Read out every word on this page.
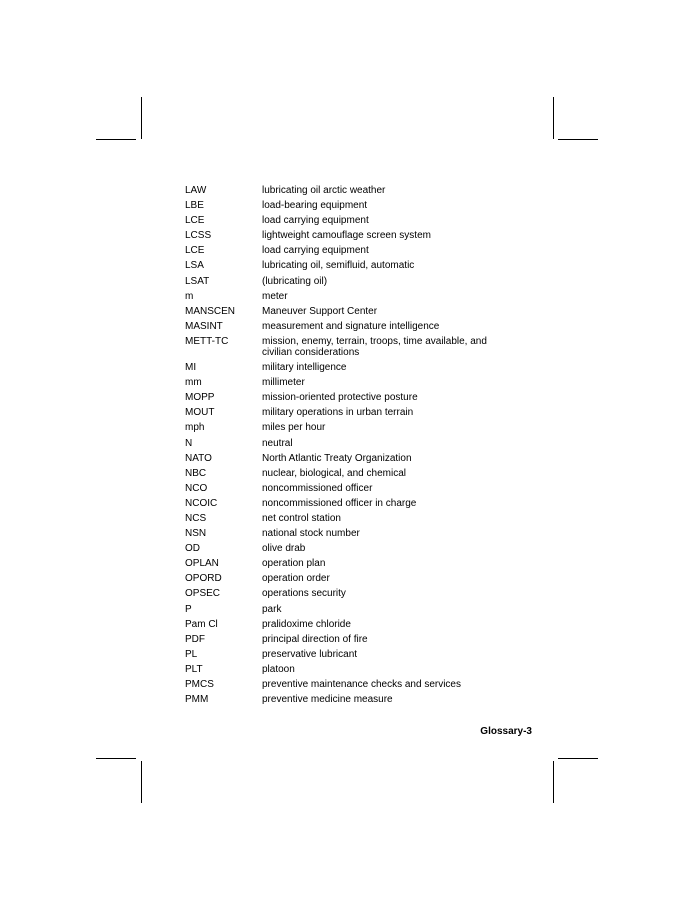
LAW	lubricating oil arctic weather
LBE	load-bearing equipment
LCE	load carrying equipment
LCSS	lightweight camouflage screen system
LCE	load carrying equipment
LSA	lubricating oil, semifluid, automatic
LSAT	(lubricating oil)
m	meter
MANSCEN	Maneuver Support Center
MASINT	measurement and signature intelligence
METT-TC	mission, enemy, terrain, troops, time available, and civilian considerations
MI	military intelligence
mm	millimeter
MOPP	mission-oriented protective posture
MOUT	military operations in urban terrain
mph	miles per hour
N	neutral
NATO	North Atlantic Treaty Organization
NBC	nuclear, biological, and chemical
NCO	noncommissioned officer
NCOIC	noncommissioned officer in charge
NCS	net control station
NSN	national stock number
OD	olive drab
OPLAN	operation plan
OPORD	operation order
OPSEC	operations security
P	park
Pam Cl	pralidoxime chloride
PDF	principal direction of fire
PL	preservative lubricant
PLT	platoon
PMCS	preventive maintenance checks and services
PMM	preventive medicine measure
Glossary-3
